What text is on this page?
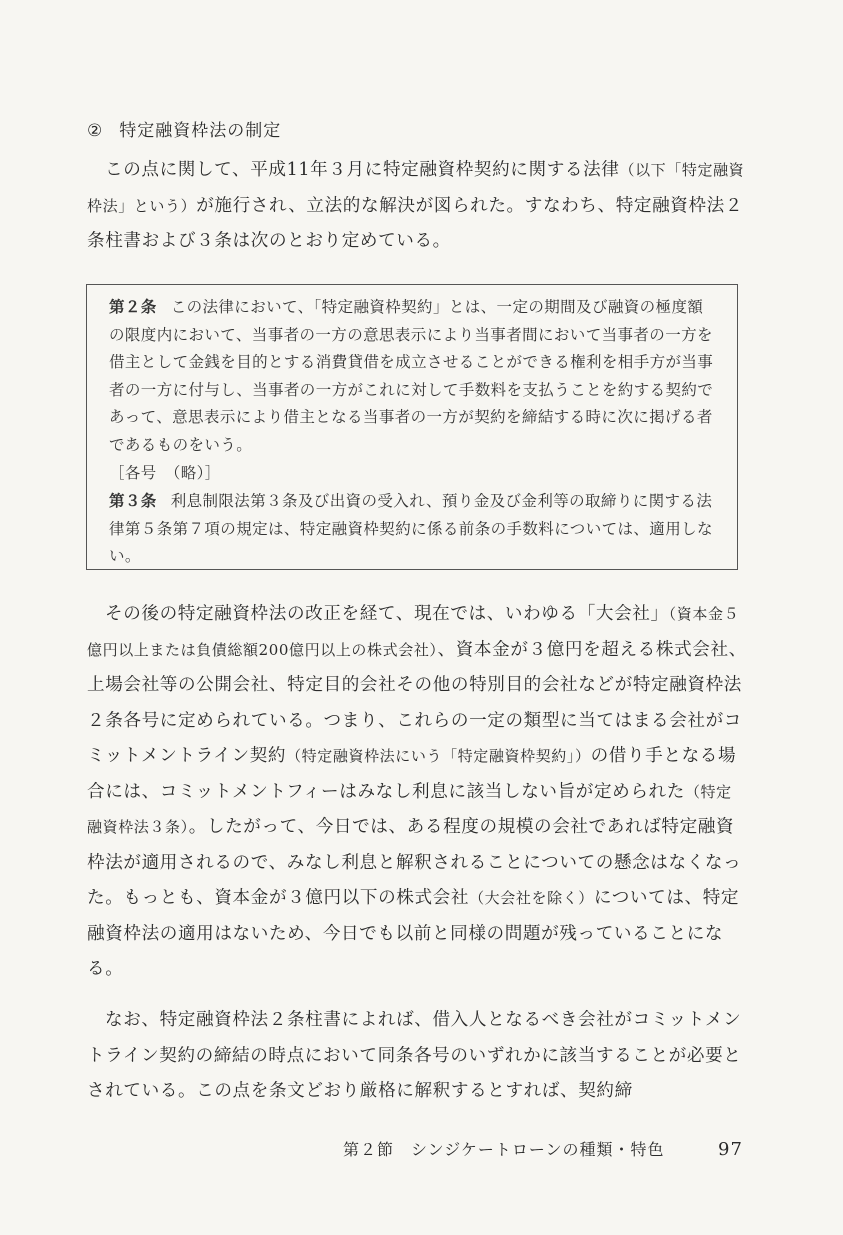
② 特定融資枠法の制定

この点に関して、平成11年３月に特定融資枠契約に関する法律（以下「特定融資枠法」という）が施行され、立法的な解決が図られた。すなわち、特定融資枠法２条柱書および３条は次のとおり定めている。

第２条 この法律において、「特定融資枠契約」とは、一定の期間及び融資の極度額の限度内において、当事者の一方の意思表示により当事者間において当事者の一方を借主として金銭を目的とする消費貸借を成立させることができる権利を相手方が当事者の一方に付与し、当事者の一方がこれに対して手数料を支払うことを約する契約であって、意思表示により借主となる当事者の一方が契約を締結する時に次に掲げる者であるものをいう。

［各号　（略）］

第３条 利息制限法第３条及び出資の受入れ、預り金及び金利等の取締りに関する法律第５条第７項の規定は、特定融資枠契約に係る前条の手数料については、適用しない。

その後の特定融資枠法の改正を経て、現在では、いわゆる「大会社」（資本金５億円以上または負債総額200億円以上の株式会社）、資本金が３億円を超える株式会社、上場会社等の公開会社、特定目的会社その他の特別目的会社などが特定融資枠法２条各号に定められている。つまり、これらの一定の類型に当てはまる会社がコミットメントライン契約（特定融資枠法にいう「特定融資枠契約」）の借り手となる場合には、コミットメントフィーはみなし利息に該当しない旨が定められた（特定融資枠法３条）。したがって、今日では、ある程度の規模の会社であれば特定融資枠法が適用されるので、みなし利息と解釈されることについての懸念はなくなった。もっとも、資本金が３億円以下の株式会社（大会社を除く）については、特定融資枠法の適用はないため、今日でも以前と同様の問題が残っていることになる。

なお、特定融資枠法２条柱書によれば、借入人となるべき会社がコミットメントライン契約の締結の時点において同条各号のいずれかに該当することが必要とされている。この点を条文どおり厳格に解釈するとすれば、契約締

第２節　シンジケートローンの種類・特色	97
